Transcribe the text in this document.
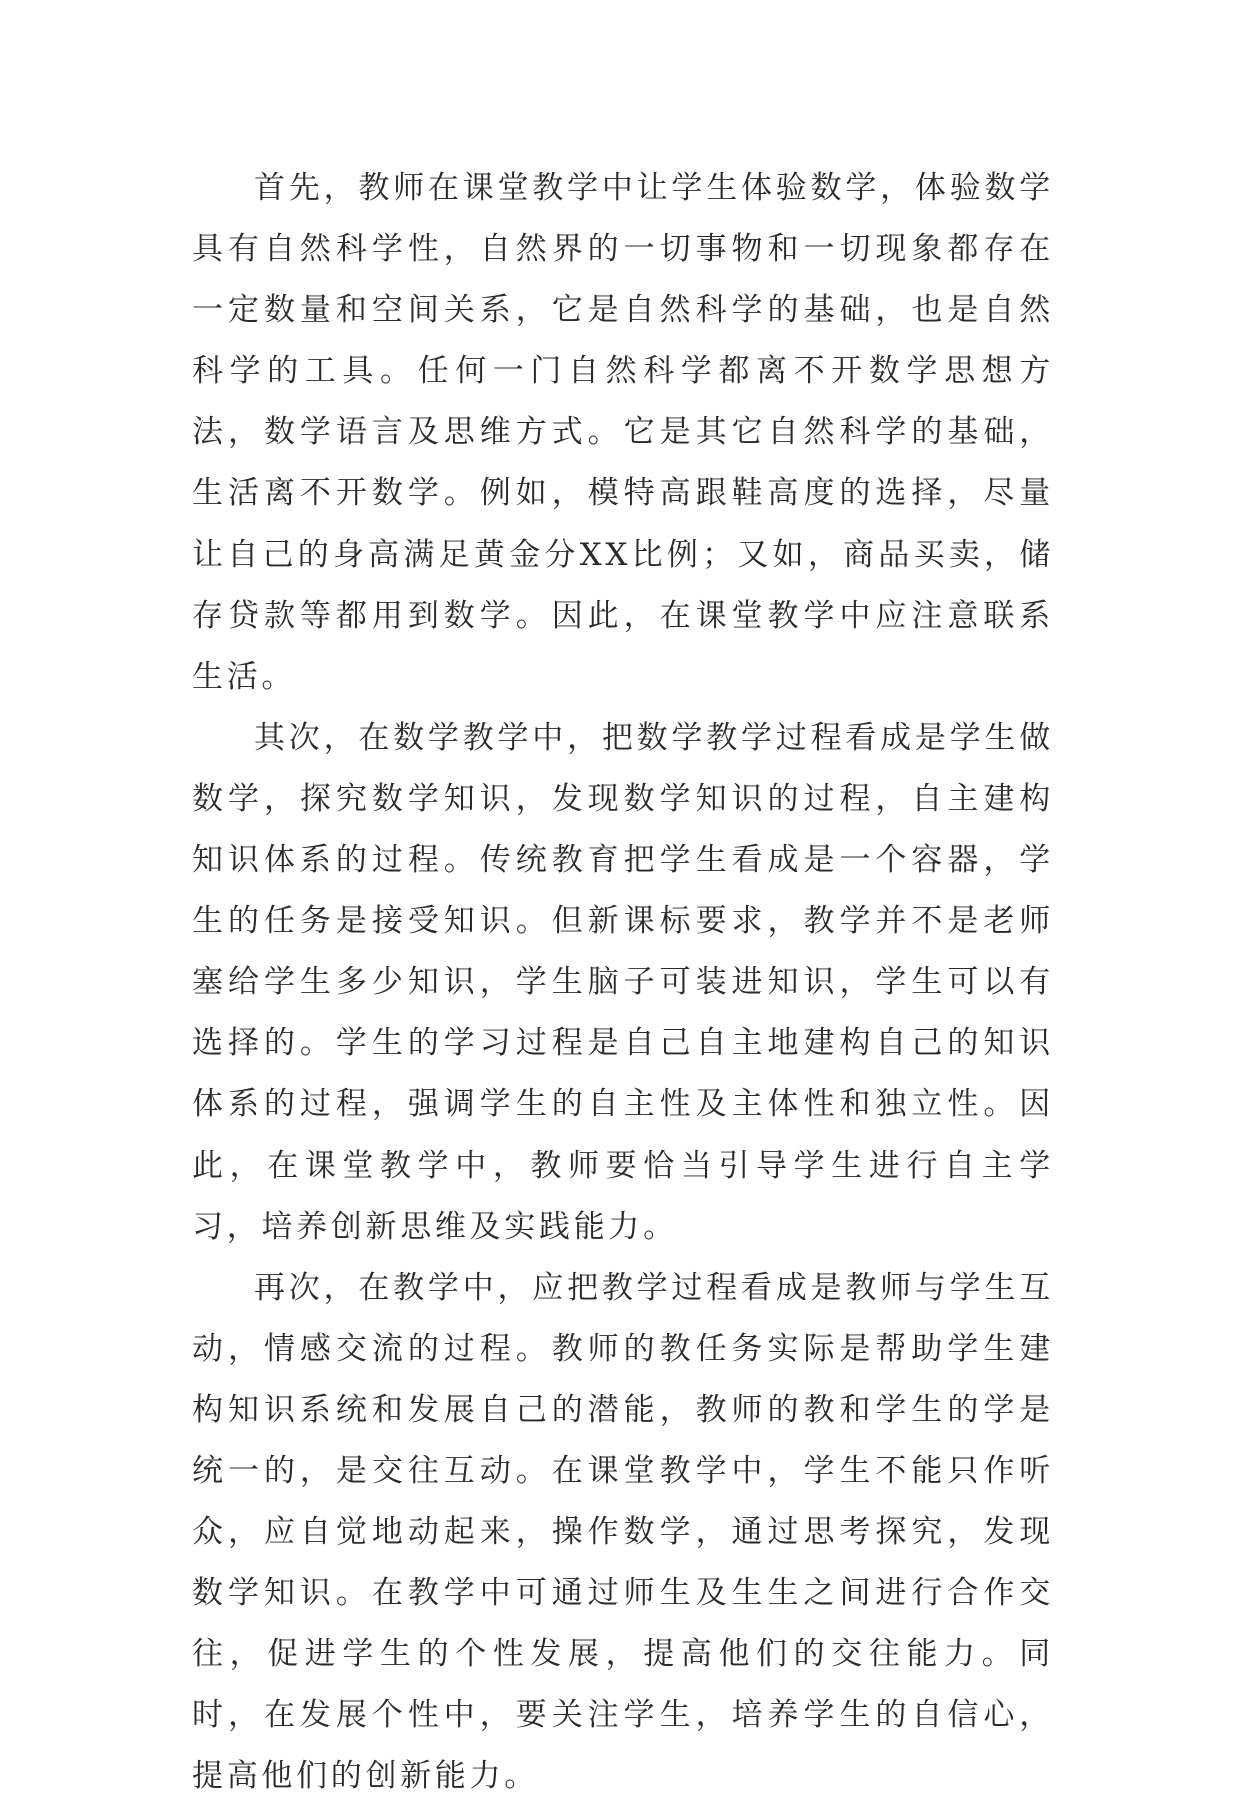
首先，教师在课堂教学中让学生体验数学，体验数学具有自然科学性，自然界的一切事物和一切现象都存在一定数量和空间关系，它是自然科学的基础，也是自然科学的工具。任何一门自然科学都离不开数学思想方法，数学语言及思维方式。它是其它自然科学的基础，生活离不开数学。例如，模特高跟鞋高度的选择，尽量让自己的身高满足黄金分XX比例；又如，商品买卖，储存贷款等都用到数学。因此，在课堂教学中应注意联系生活。

其次，在数学教学中，把数学教学过程看成是学生做数学，探究数学知识，发现数学知识的过程，自主建构知识体系的过程。传统教育把学生看成是一个容器，学生的任务是接受知识。但新课标要求，教学并不是老师塞给学生多少知识，学生脑子可装进知识，学生可以有选择的。学生的学习过程是自己自主地建构自己的知识体系的过程，强调学生的自主性及主体性和独立性。因此，在课堂教学中，教师要恰当引导学生进行自主学习，培养创新思维及实践能力。

再次，在教学中，应把教学过程看成是教师与学生互动，情感交流的过程。教师的教任务实际是帮助学生建构知识系统和发展自己的潜能，教师的教和学生的学是统一的，是交往互动。在课堂教学中，学生不能只作听众，应自觉地动起来，操作数学，通过思考探究，发现数学知识。在教学中可通过师生及生生之间进行合作交往，促进学生的个性发展，提高他们的交往能力。同时，在发展个性中，要关注学生，培养学生的自信心，提高他们的创新能力。
